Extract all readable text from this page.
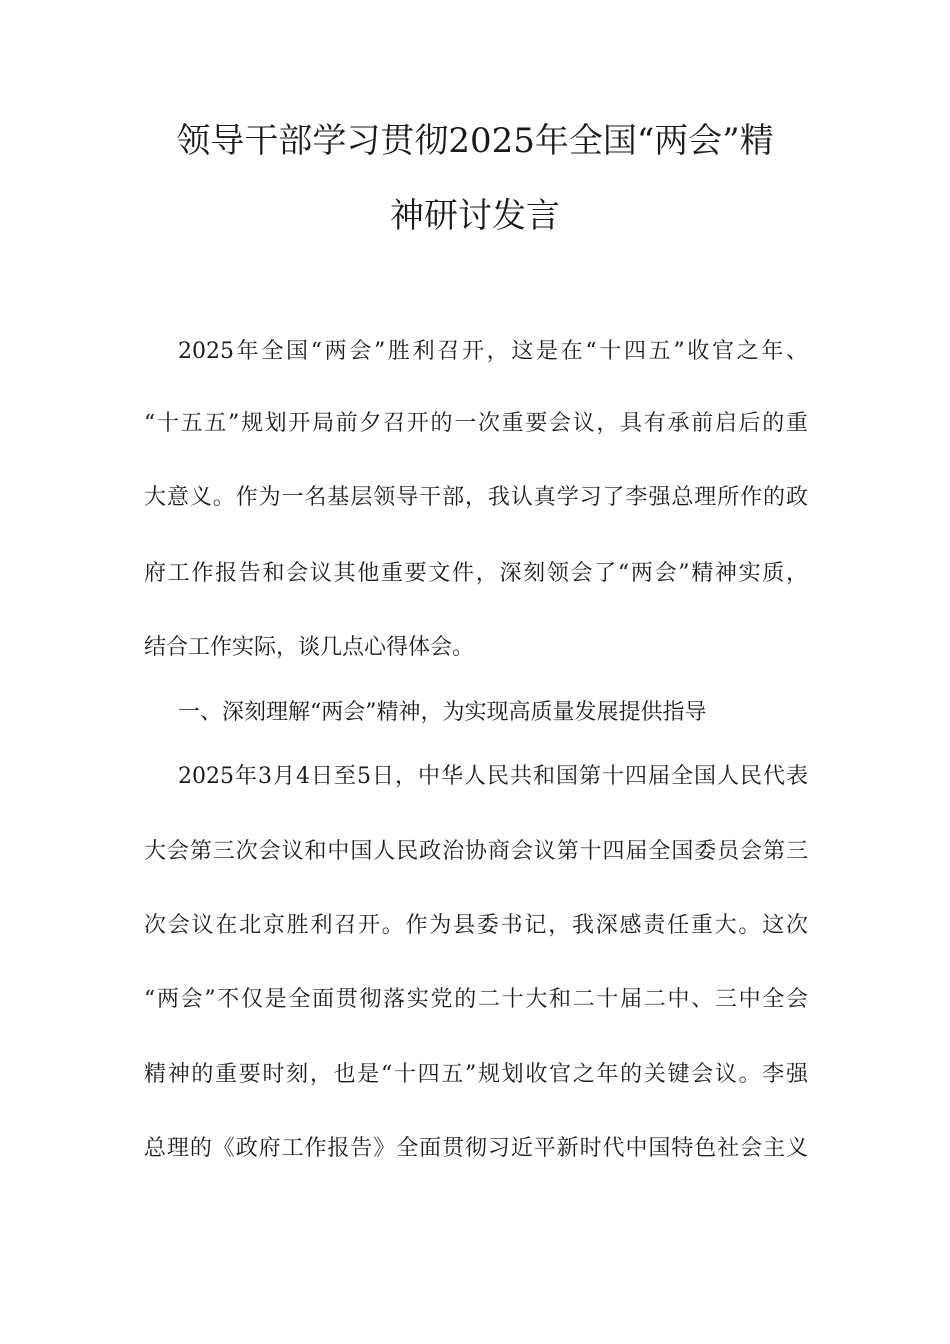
领导干部学习贯彻2025年全国“两会”精
神研讨发言

2025年全国“两会”胜利召开，这是在“十四五”收官之年、

“十五五”规划开局前夕召开的一次重要会议，具有承前启后的重

大意义。作为一名基层领导干部，我认真学习了李强总理所作的政

府工作报告和会议其他重要文件，深刻领会了“两会”精神实质，

结合工作实际，谈几点心得体会。

一、深刻理解“两会”精神，为实现高质量发展提供指导

2025年3月4日至5日，中华人民共和国第十四届全国人民代表

大会第三次会议和中国人民政治协商会议第十四届全国委员会第三

次会议在北京胜利召开。作为县委书记，我深感责任重大。这次

“两会”不仅是全面贯彻落实党的二十大和二十届二中、三中全会

精神的重要时刻，也是“十四五”规划收官之年的关键会议。李强

总理的《政府工作报告》全面贯彻习近平新时代中国特色社会主义
